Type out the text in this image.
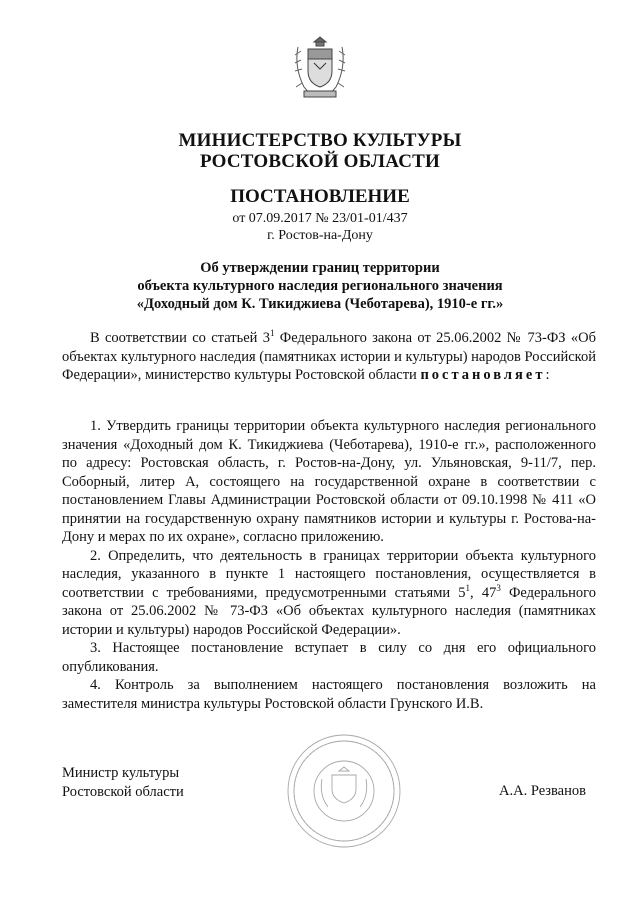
МИНИСТЕРСТВО КУЛЬТУРЫ
РОСТОВСКОЙ ОБЛАСТИ
ПОСТАНОВЛЕНИЕ
от 07.09.2017 № 23/01-01/437
г. Ростов-на-Дону
Об утверждении границ территории
объекта культурного наследия регионального значения
«Доходный дом К. Тикиджиева (Чеботарева), 1910-е гг.»

В соответствии со статьей $3^1$ Федерального закона от 25.06.2002 № 73-ФЗ «Об объектах культурного наследия (памятниках истории и культуры) народов Российской Федерации», министерство культуры Ростовской области постановляет:

1. Утвердить границы территории объекта культурного наследия регионального значения «Доходный дом К. Тикиджиева (Чеботарева), 1910-е гг.», расположенного по адресу: Ростовская область, г. Ростов-на-Дону, ул. Ульяновская, 9-11/7, пер. Соборный, литер А, состоящего на государственной охране в соответствии с постановлением Главы Администрации Ростовской области от 09.10.1998 № 411 «О принятии на государственную охрану памятников истории и культуры г. Ростова-на-Дону и мерах по их охране», согласно приложению.

2. Определить, что деятельность в границах территории объекта культурного наследия, указанного в пункте 1 настоящего постановления, осуществляется в соответствии с требованиями, предусмотренными статьями $5^1$, $47^3$ Федерального закона от 25.06.2002 № 73-ФЗ «Об объектах культурного наследия (памятниках истории и культуры) народов Российской Федерации».

3. Настоящее постановление вступает в силу со дня его официального опубликования.

4. Контроль за выполнением настоящего постановления возложить на заместителя министра культуры Ростовской области Грунского И.В.

Министр культуры
Ростовской области	А.А. Резванов
